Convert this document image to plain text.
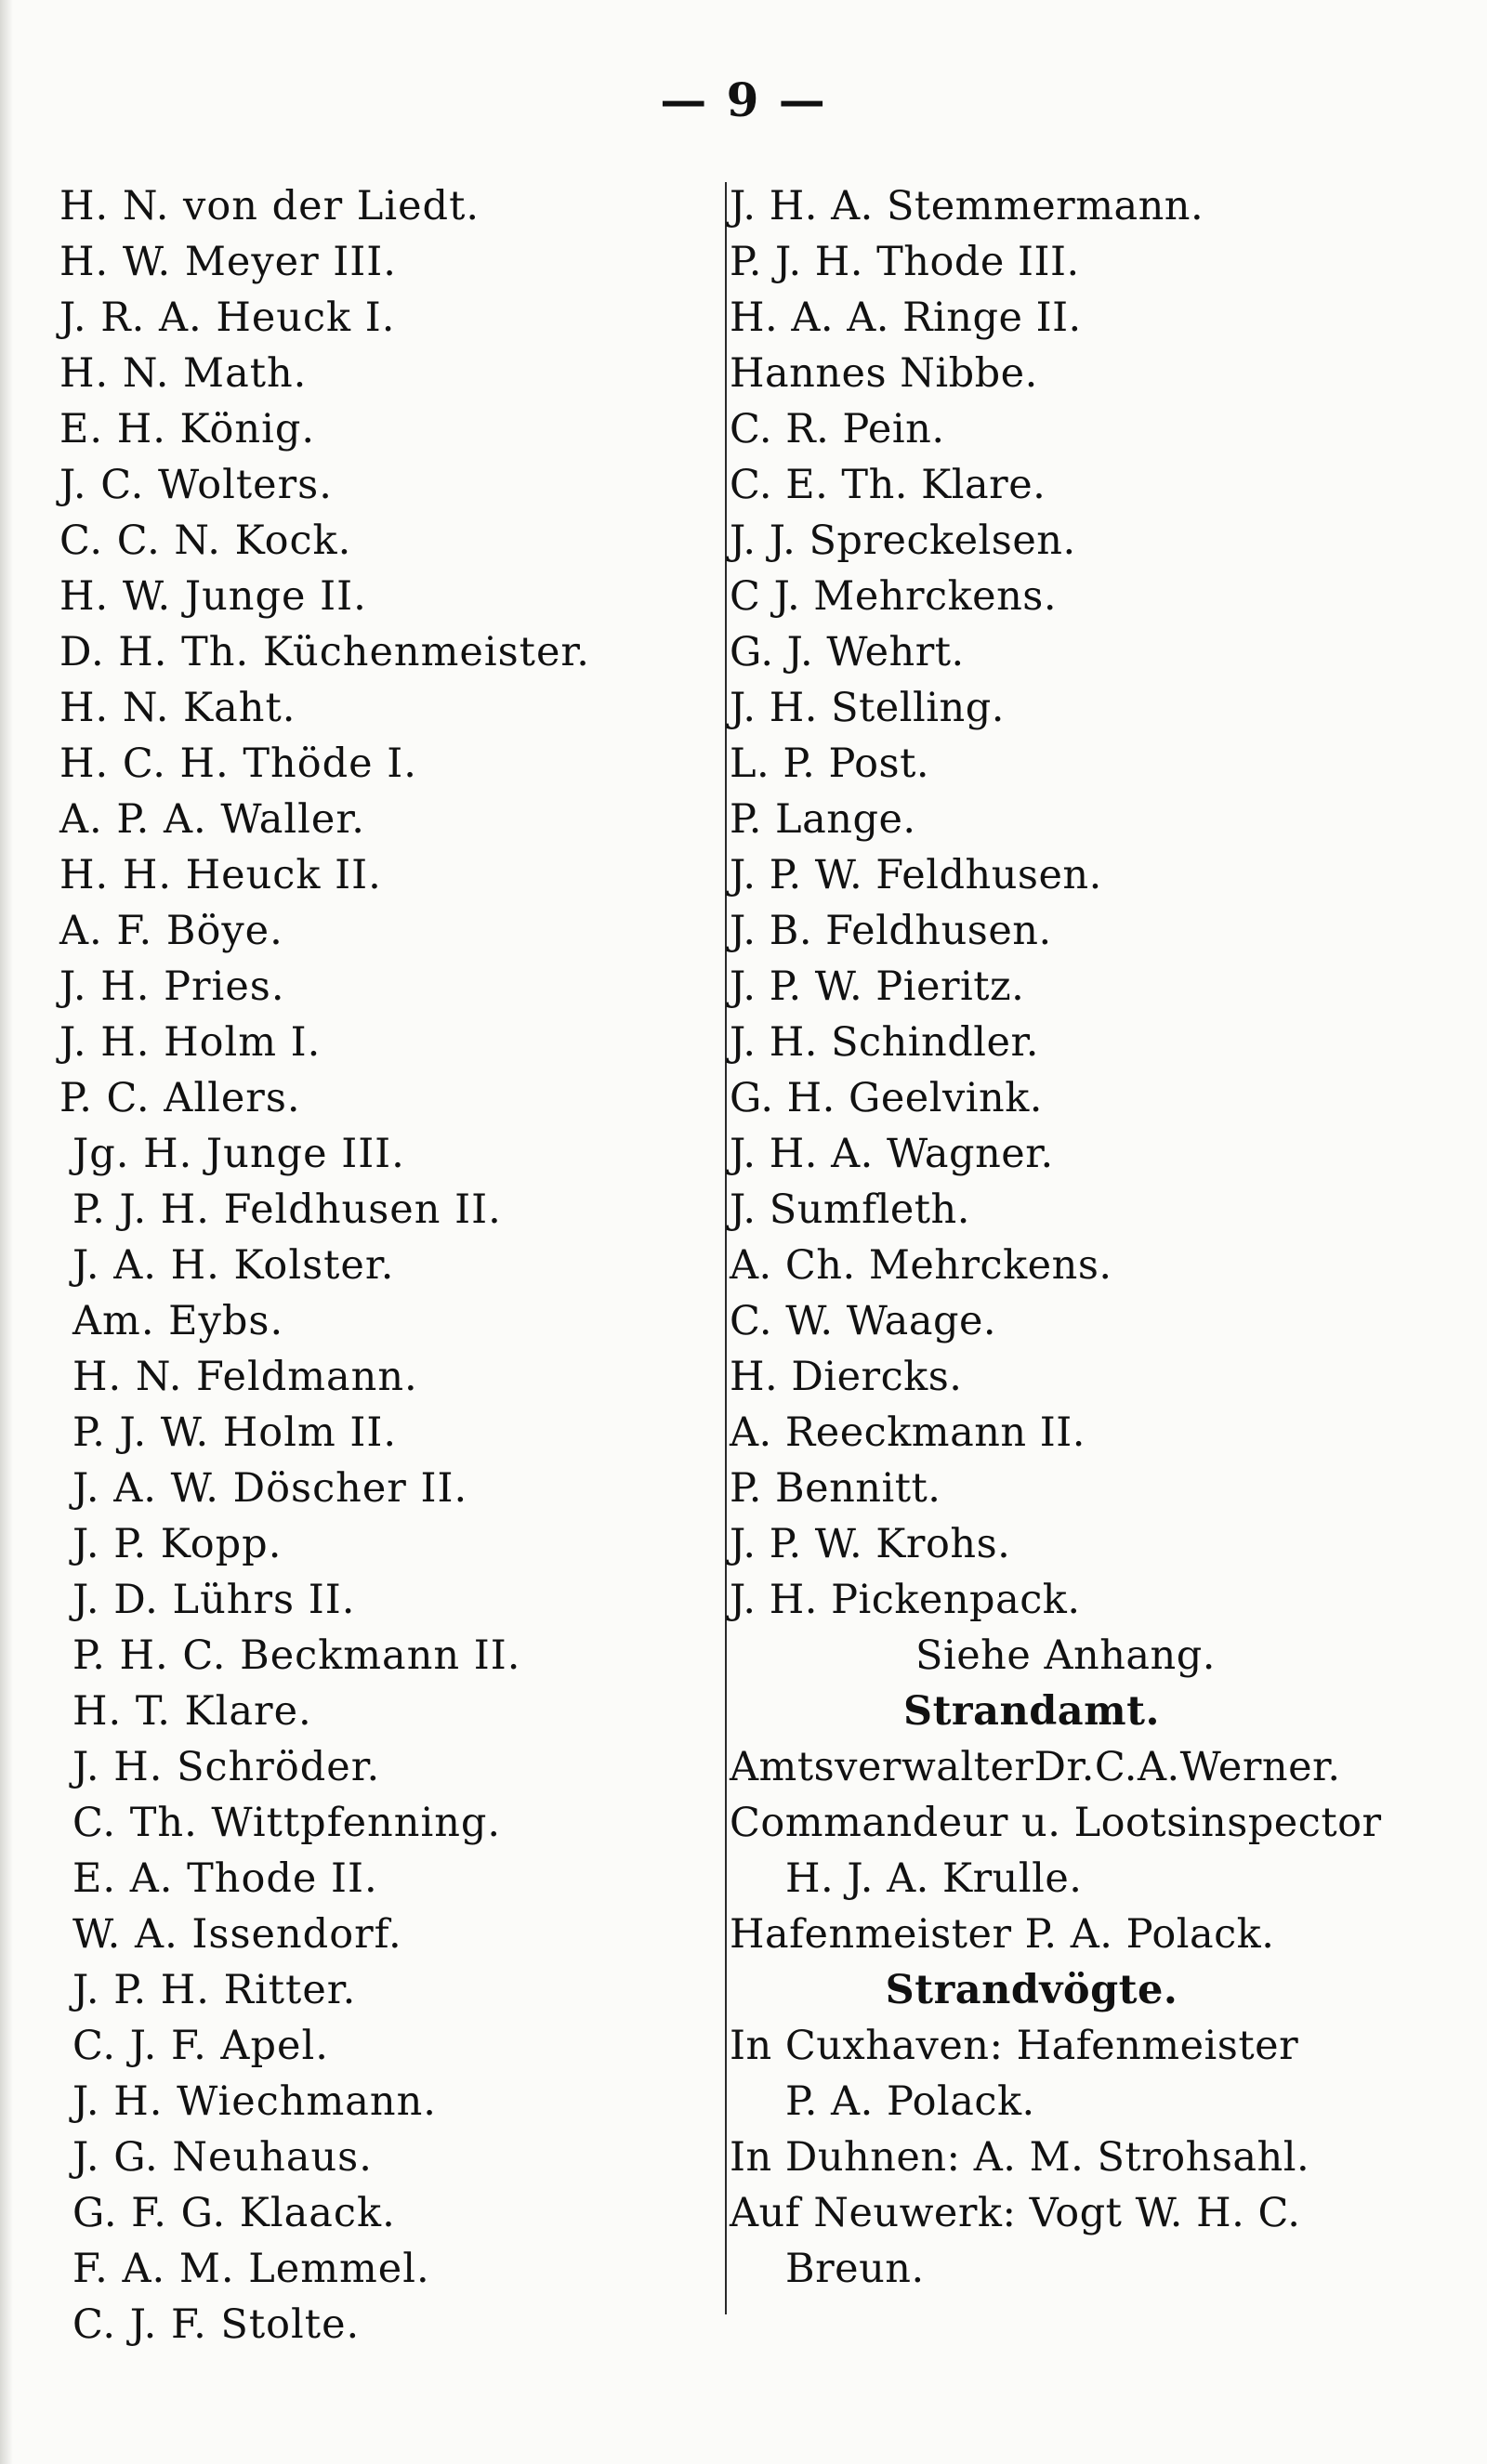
— 9 —
H. N. von der Liedt.
H. W. Meyer III.
J. R. A. Heuck I.
H. N. Math.
E. H. König.
J. C. Wolters.
C. C. N. Kock.
H. W. Junge II.
D. H. Th. Küchenmeister.
H. N. Kaht.
H. C. H. Thöde I.
A. P. A. Waller.
H. H. Heuck II.
A. F. Böye.
J. H. Pries.
J. H. Holm I.
P. C. Allers.
Jg. H. Junge III.
P. J. H. Feldhusen II.
J. A. H. Kolster.
Am. Eybs.
H. N. Feldmann.
P. J. W. Holm II.
J. A. W. Döscher II.
J. P. Kopp.
J. D. Lührs II.
P. H. C. Beckmann II.
H. T. Klare.
J. H. Schröder.
C. Th. Wittpfenning.
E. A. Thode II.
W. A. Issendorf.
J. P. H. Ritter.
C. J. F. Apel.
J. H. Wiechmann.
J. G. Neuhaus.
G. F. G. Klaack.
F. A. M. Lemmel.
C. J. F. Stolte.
J. H. A. Stemmermann.
P. J. H. Thode III.
H. A. A. Ringe II.
Hannes Nibbe.
C. R. Pein.
C. E. Th. Klare.
J. J. Spreckelsen.
C J. Mehrckens.
G. J. Wehrt.
J. H. Stelling.
L. P. Post.
P. Lange.
J. P. W. Feldhusen.
J. B. Feldhusen.
J. P. W. Pieritz.
J. H. Schindler.
G. H. Geelvink.
J. H. A. Wagner.
J. Sumfleth.
A. Ch. Mehrckens.
C. W. Waage.
H. Diercks.
A. Reeckmann II.
P. Bennitt.
J. P. W. Krohs.
J. H. Pickenpack.
Siehe Anhang.
Strandamt.
AmtsverwalterDr.C.A.Werner.
Commandeur u. Lootsinspector
H. J. A. Krulle.
Hafenmeister P. A. Polack.
Strandvögte.
In Cuxhaven: Hafenmeister
P. A. Polack.
In Duhnen: A. M. Strohsahl.
Auf Neuwerk: Vogt W. H. C.
Breun.
